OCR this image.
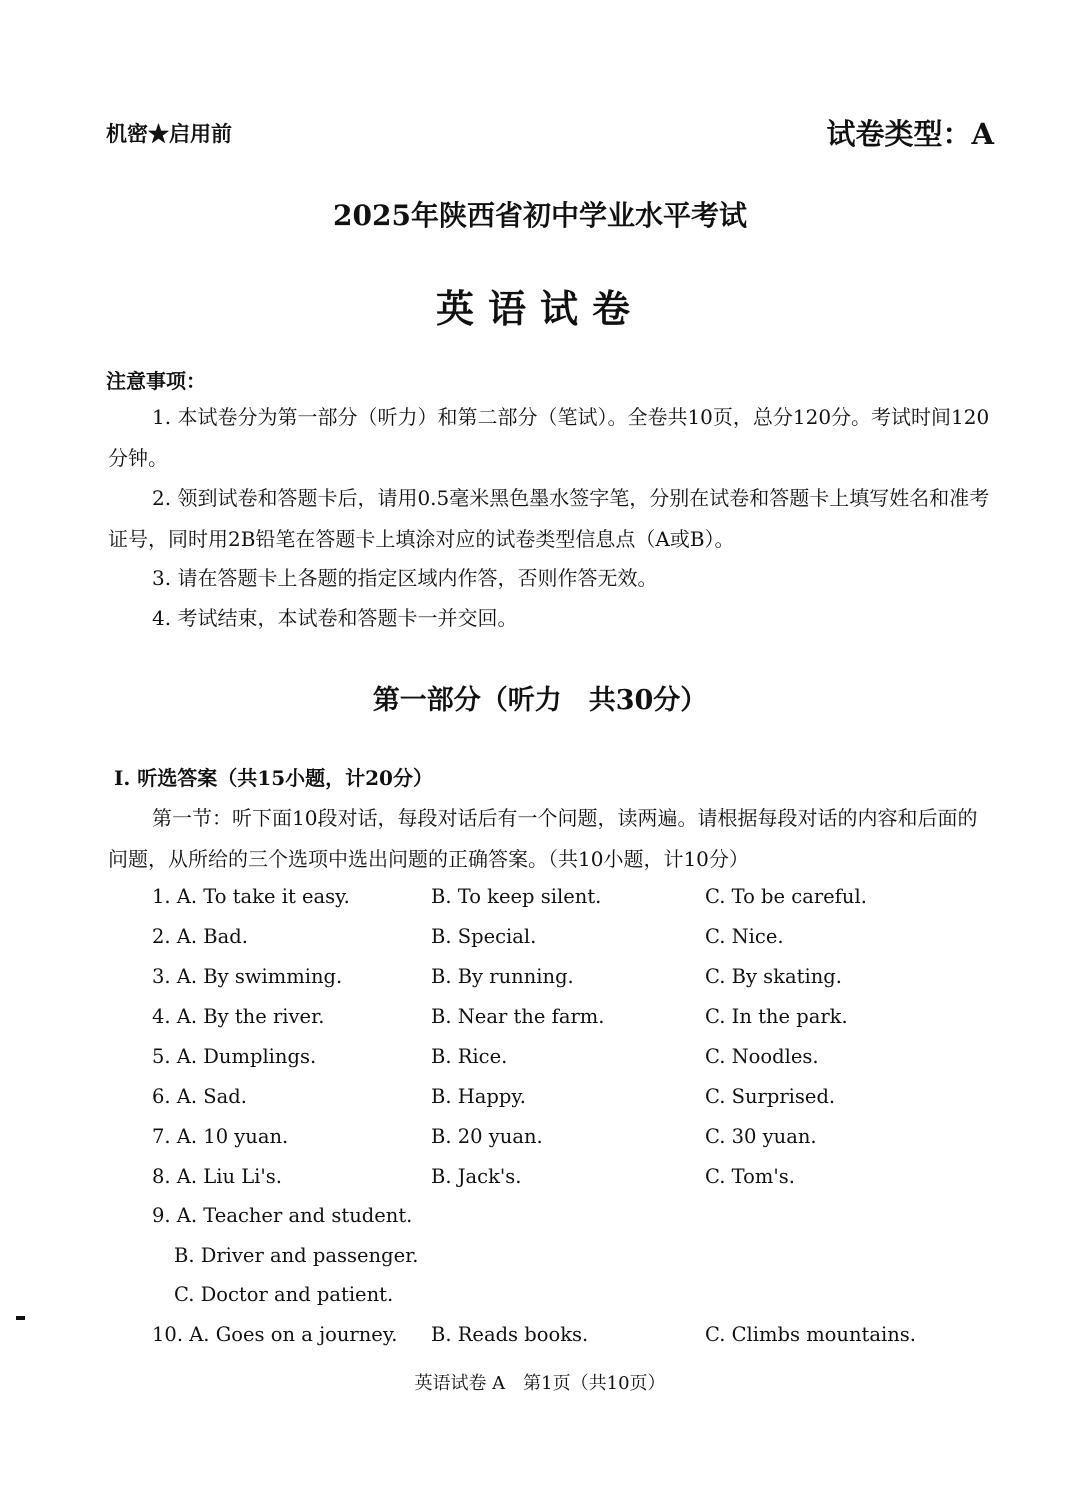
机密★启用前	试卷类型：A
2025年陕西省初中学业水平考试
英语试卷
注意事项：
1. 本试卷分为第一部分（听力）和第二部分（笔试）。全卷共10页，总分120分。考试时间120分钟。
2. 领到试卷和答题卡后，请用0.5毫米黑色墨水签字笔，分别在试卷和答题卡上填写姓名和准考证号，同时用2B铅笔在答题卡上填涂对应的试卷类型信息点（A或B）。
3. 请在答题卡上各题的指定区域内作答，否则作答无效。
4. 考试结束，本试卷和答题卡一并交回。
第一部分（听力　共30分）
Ⅰ. 听选答案（共15小题，计20分）
第一节：听下面10段对话，每段对话后有一个问题，读两遍。请根据每段对话的内容和后面的问题，从所给的三个选项中选出问题的正确答案。（共10小题，计10分）
1. A. To take it easy.	B. To keep silent.	C. To be careful.
2. A. Bad.	B. Special.	C. Nice.
3. A. By swimming.	B. By running.	C. By skating.
4. A. By the river.	B. Near the farm.	C. In the park.
5. A. Dumplings.	B. Rice.	C. Noodles.
6. A. Sad.	B. Happy.	C. Surprised.
7. A. 10 yuan.	B. 20 yuan.	C. 30 yuan.
8. A. Liu Li's.	B. Jack's.	C. Tom's.
9. A. Teacher and student.
B. Driver and passenger.
C. Doctor and patient.
10. A. Goes on a journey. B. Reads books.	C. Climbs mountains.
英语试卷 A　第1页（共10页）
